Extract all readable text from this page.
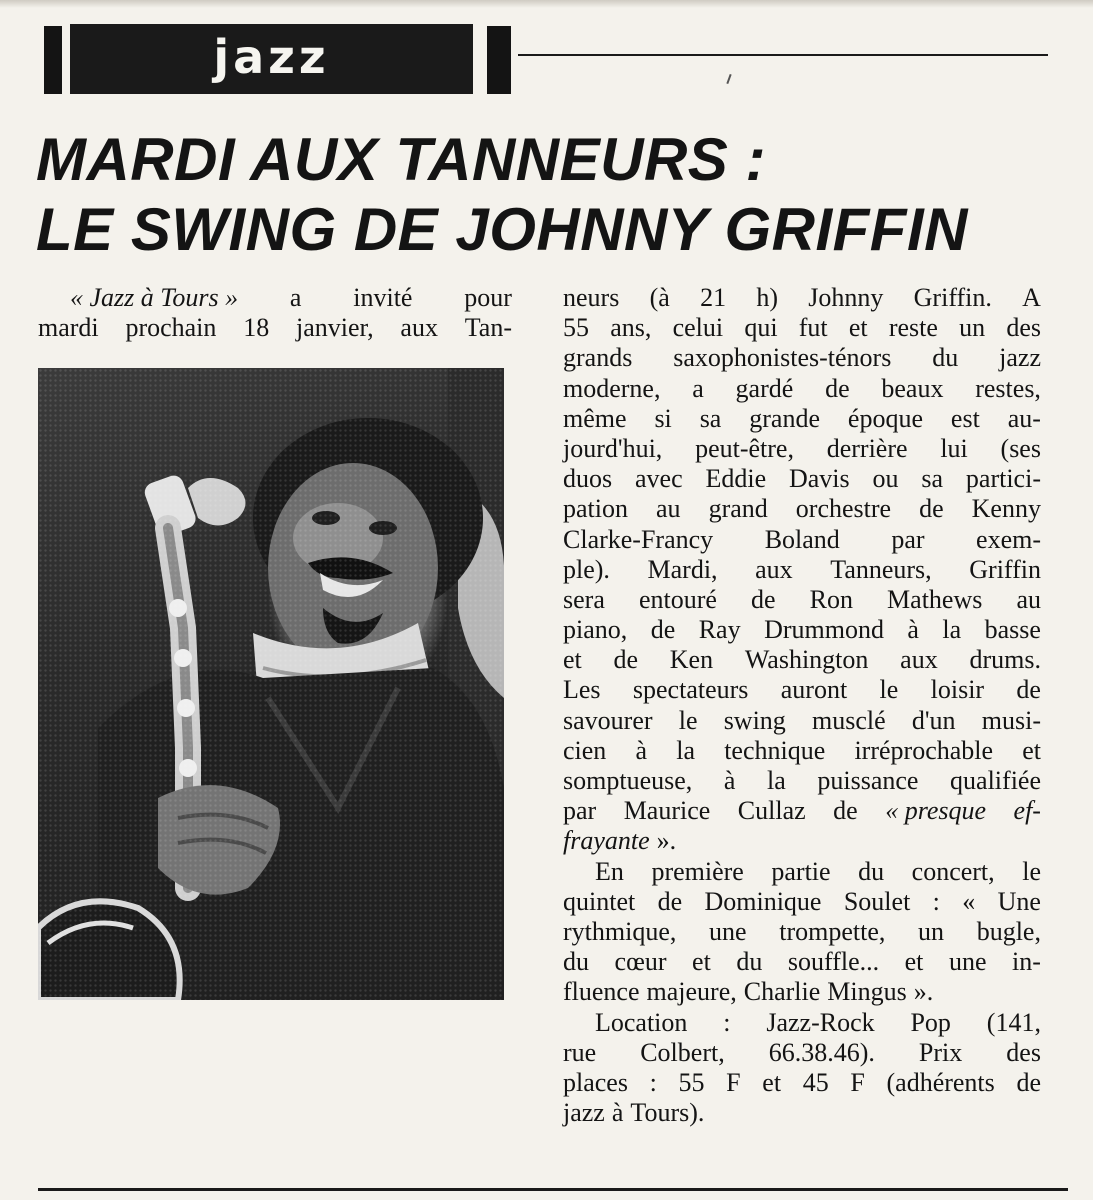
jazz
MARDI AUX TANNEURS :
LE SWING DE JOHNNY GRIFFIN
« Jazz à Tours » a invité pour
mardi prochain 18 janvier, aux Tan-
neurs (à 21 h) Johnny Griffin. A
55 ans, celui qui fut et reste un des
grands saxophonistes-ténors du jazz
moderne, a gardé de beaux restes,
même si sa grande époque est au-
jourd'hui, peut-être, derrière lui (ses
duos avec Eddie Davis ou sa partici-
pation au grand orchestre de Kenny
Clarke-Francy Boland par exem-
ple). Mardi, aux Tanneurs, Griffin
sera entouré de Ron Mathews au
piano, de Ray Drummond à la basse
et de Ken Washington aux drums.
Les spectateurs auront le loisir de
savourer le swing musclé d'un musi-
cien à la technique irréprochable et
somptueuse, à la puissance qualifiée
par Maurice Cullaz de « presque ef-
frayante ».
En première partie du concert, le
quintet de Dominique Soulet : « Une
rythmique, une trompette, un bugle,
du cœur et du souffle... et une in-
fluence majeure, Charlie Mingus ».
Location : Jazz-Rock Pop (141,
rue Colbert, 66.38.46). Prix des
places : 55 F et 45 F (adhérents de
jazz à Tours).
